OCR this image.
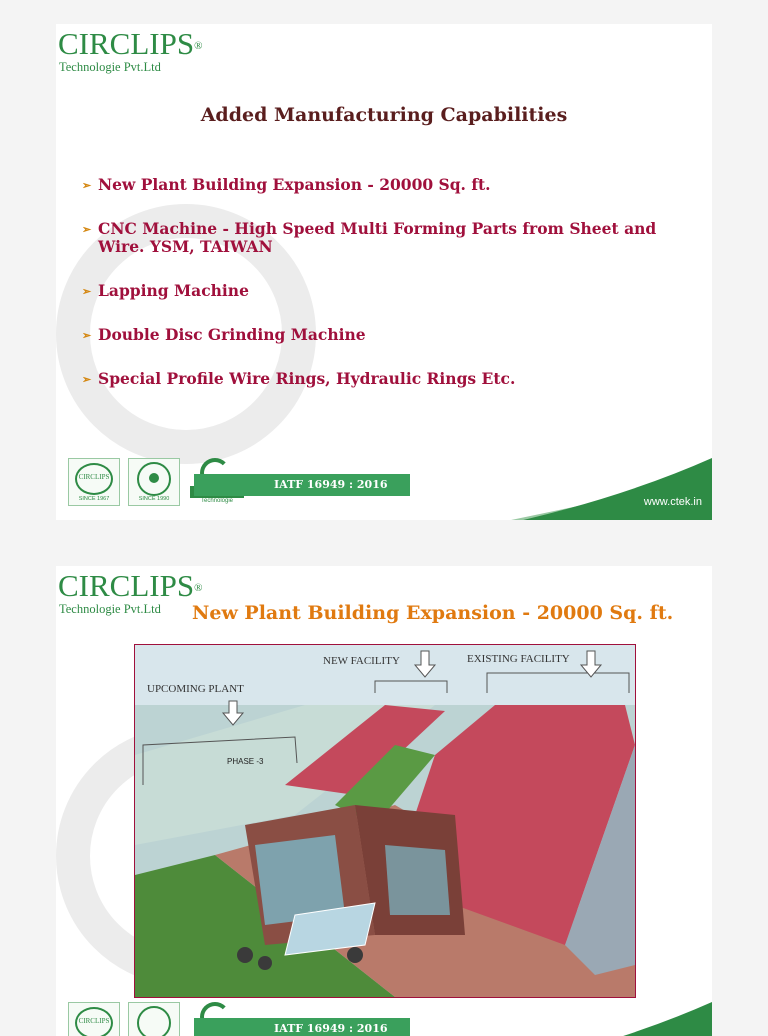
CIRCLIPS®
Technologie Pvt.Ltd
Added Manufacturing Capabilities
➢ New Plant Building Expansion - 20000 Sq. ft.
➢ CNC Machine - High Speed Multi Forming Parts from Sheet and Wire. YSM, TAIWAN
➢ Lapping Machine
➢ Double Disc Grinding Machine
➢ Special Profile Wire Rings, Hydraulic Rings Etc.
CIRCLIPS
SINCE 1967	SINCE 1990	Technologie
IATF 16949 : 2016
www.ctek.in
CIRCLIPS®
Technologie Pvt.Ltd	New Plant Building Expansion - 20000 Sq. ft.
NEW FACILITY	EXISTING FACILITY
UPCOMING PLANT
PHASE -3
CIRCLIPS
IATF 16949 : 2016
